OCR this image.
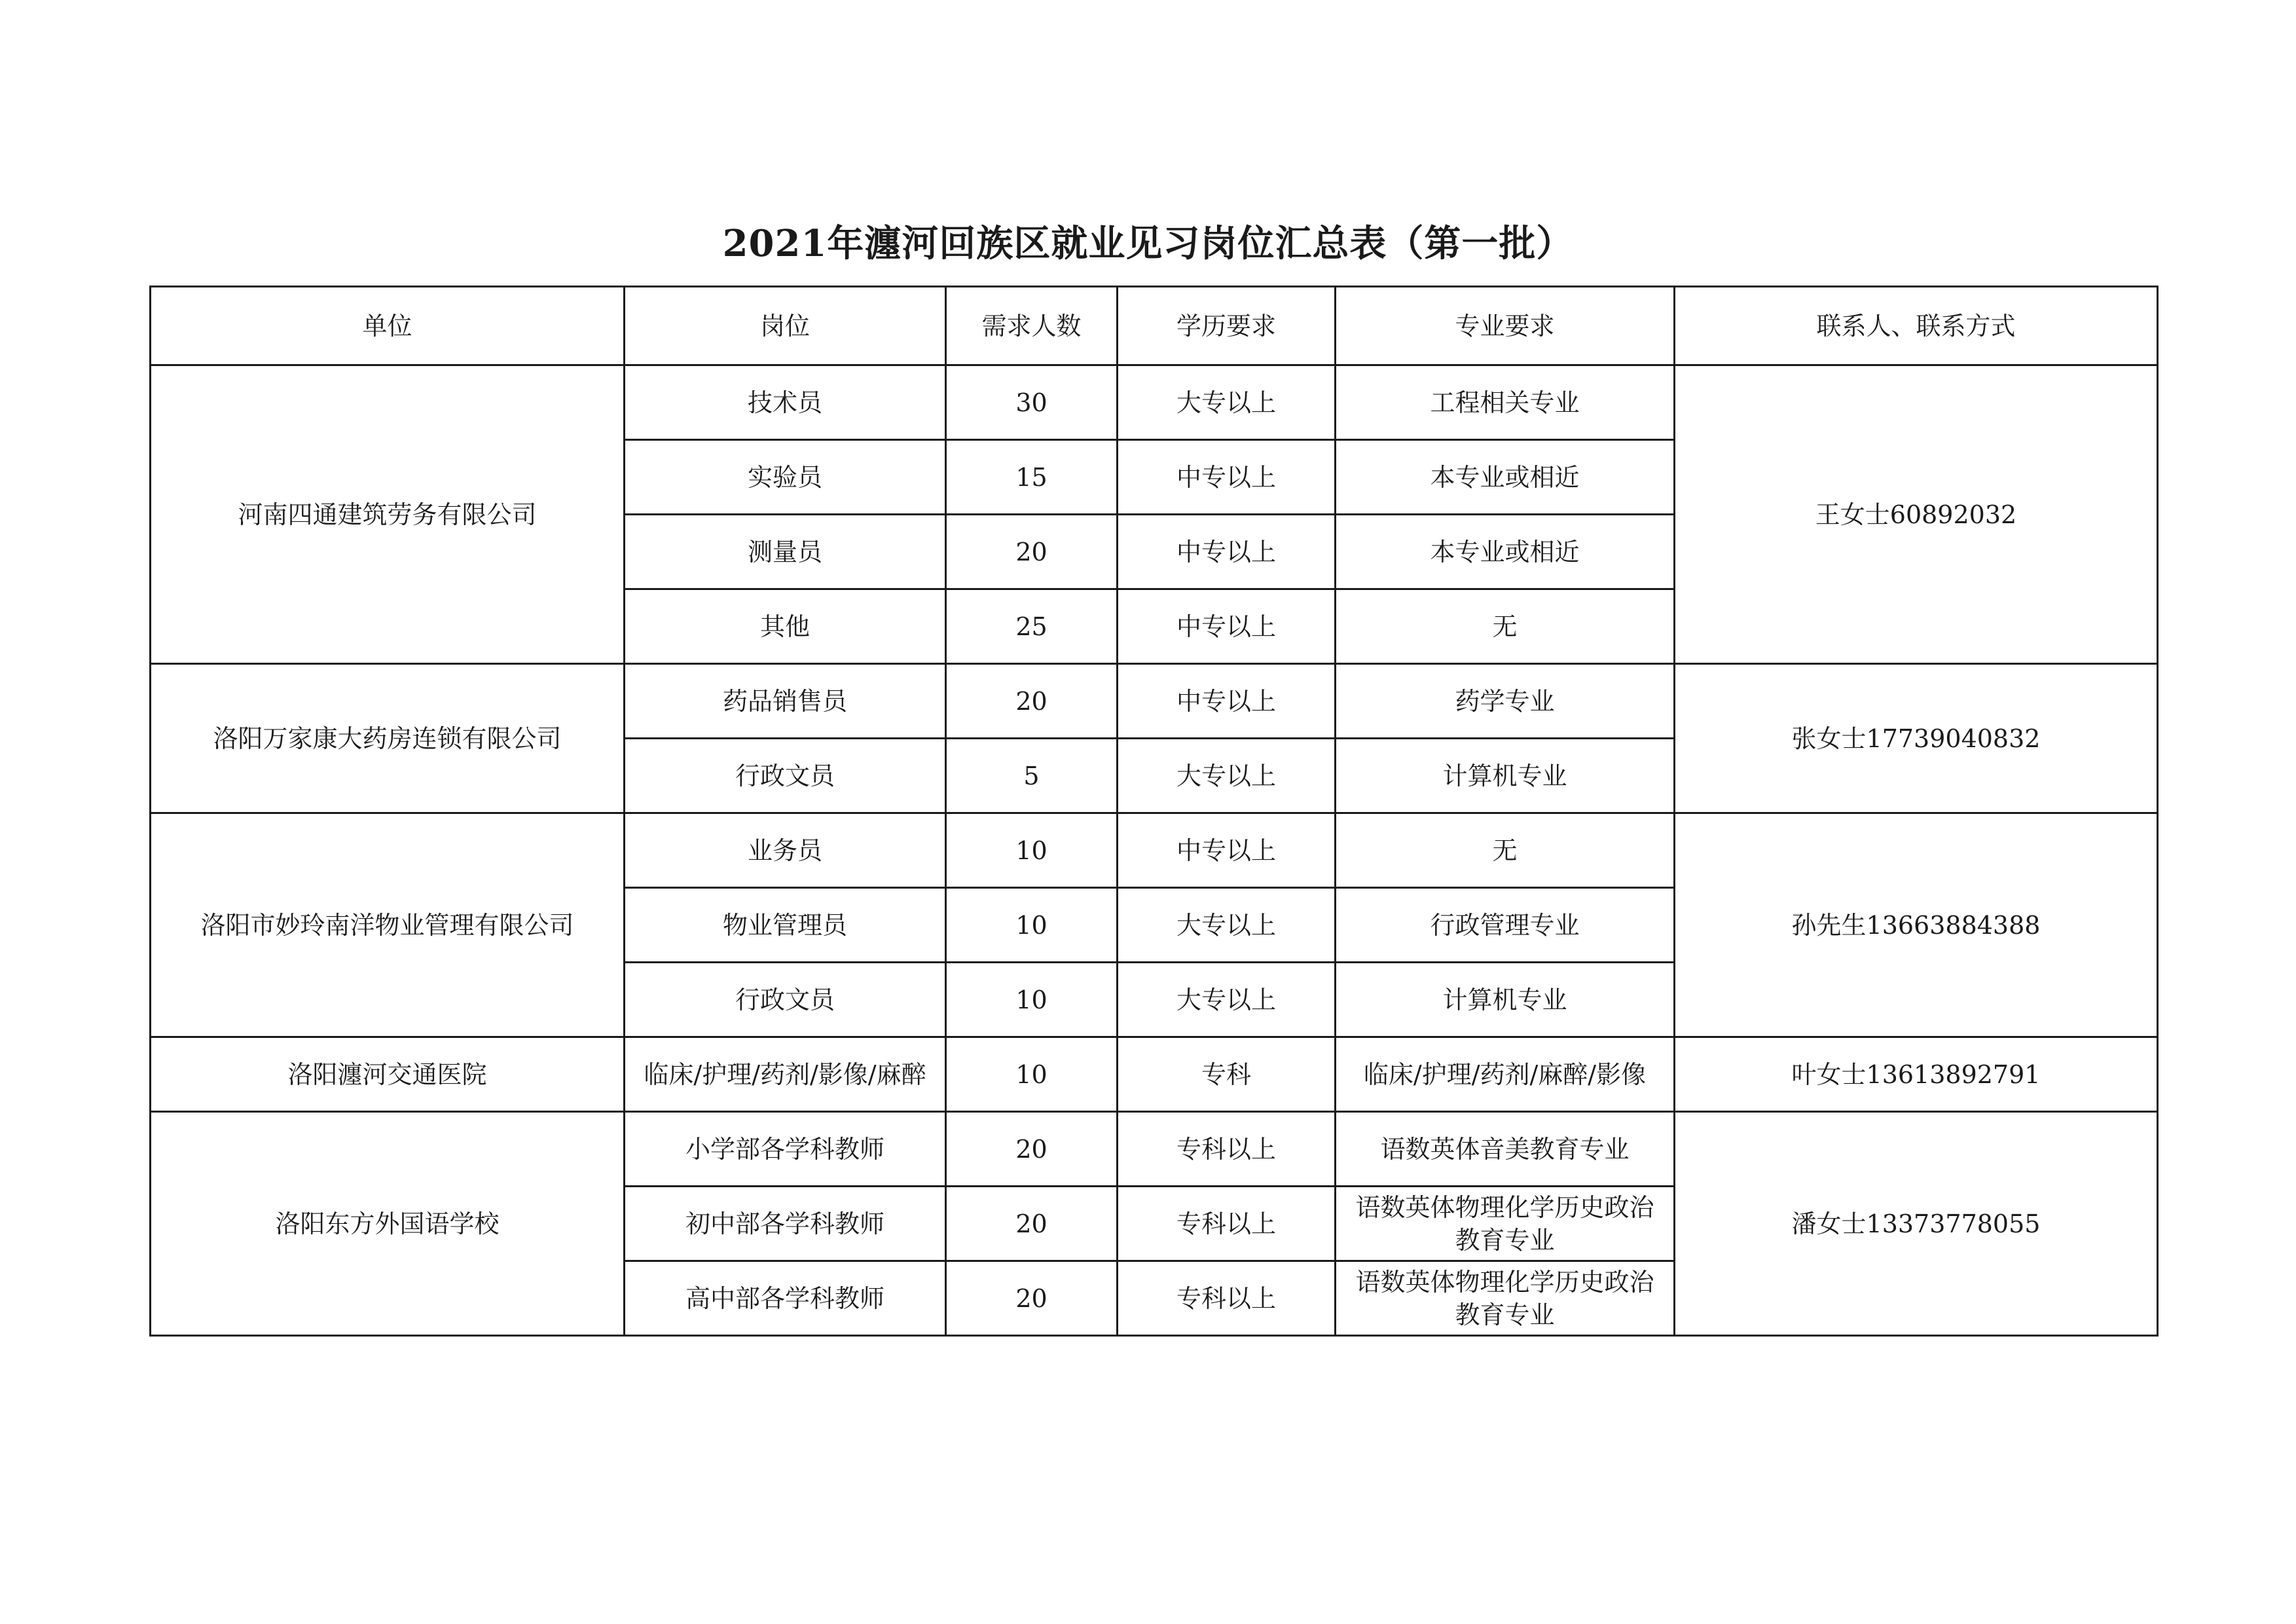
2021年瀍河回族区就业见习岗位汇总表（第一批）
单位	岗位	需求人数	学历要求	专业要求	联系人、联系方式
河南四通建筑劳务有限公司	技术员	30	大专以上	工程相关专业	王女士60892032
	实验员	15	中专以上	本专业或相近	
	测量员	20	中专以上	本专业或相近	
	其他	25	中专以上	无	
洛阳万家康大药房连锁有限公司	药品销售员	20	中专以上	药学专业	张女士17739040832
	行政文员	5	大专以上	计算机专业	
洛阳市妙玲南洋物业管理有限公司	业务员	10	中专以上	无	孙先生13663884388
	物业管理员	10	大专以上	行政管理专业	
	行政文员	10	大专以上	计算机专业	
洛阳瀍河交通医院	临床/护理/药剂/影像/麻醉	10	专科	临床/护理/药剂/麻醉/影像	叶女士13613892791
洛阳东方外国语学校	小学部各学科教师	20	专科以上	语数英体音美教育专业	潘女士13373778055
	初中部各学科教师	20	专科以上	语数英体物理化学历史政治教育专业	
	高中部各学科教师	20	专科以上	语数英体物理化学历史政治教育专业	
